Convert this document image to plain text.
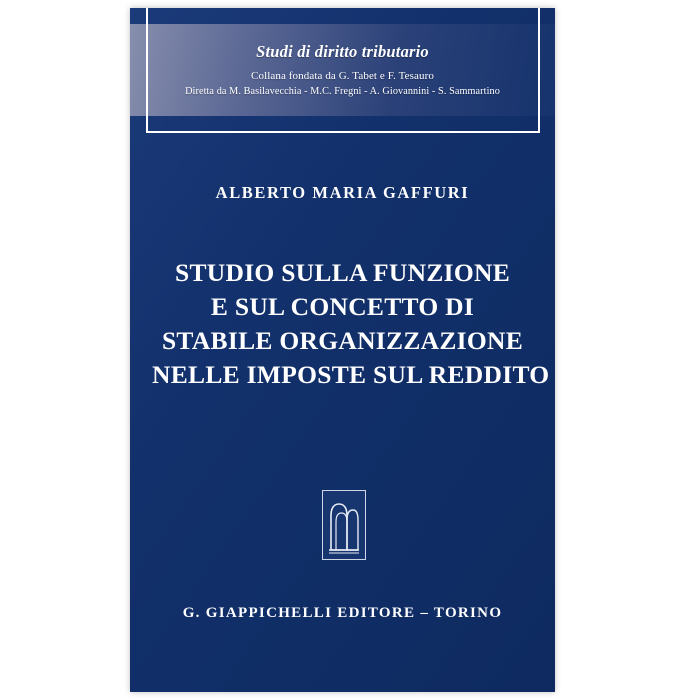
Studi di diritto tributario
Collana fondata da G. Tabet e F. Tesauro
Diretta da M. Basilavecchia - M.C. Fregni - A. Giovannini - S. Sammartino
ALBERTO MARIA GAFFURI
STUDIO SULLA FUNZIONE
E SUL CONCETTO DI
STABILE ORGANIZZAZIONE
NELLE IMPOSTE SUL REDDITO
G. GIAPPICHELLI EDITORE – TORINO
